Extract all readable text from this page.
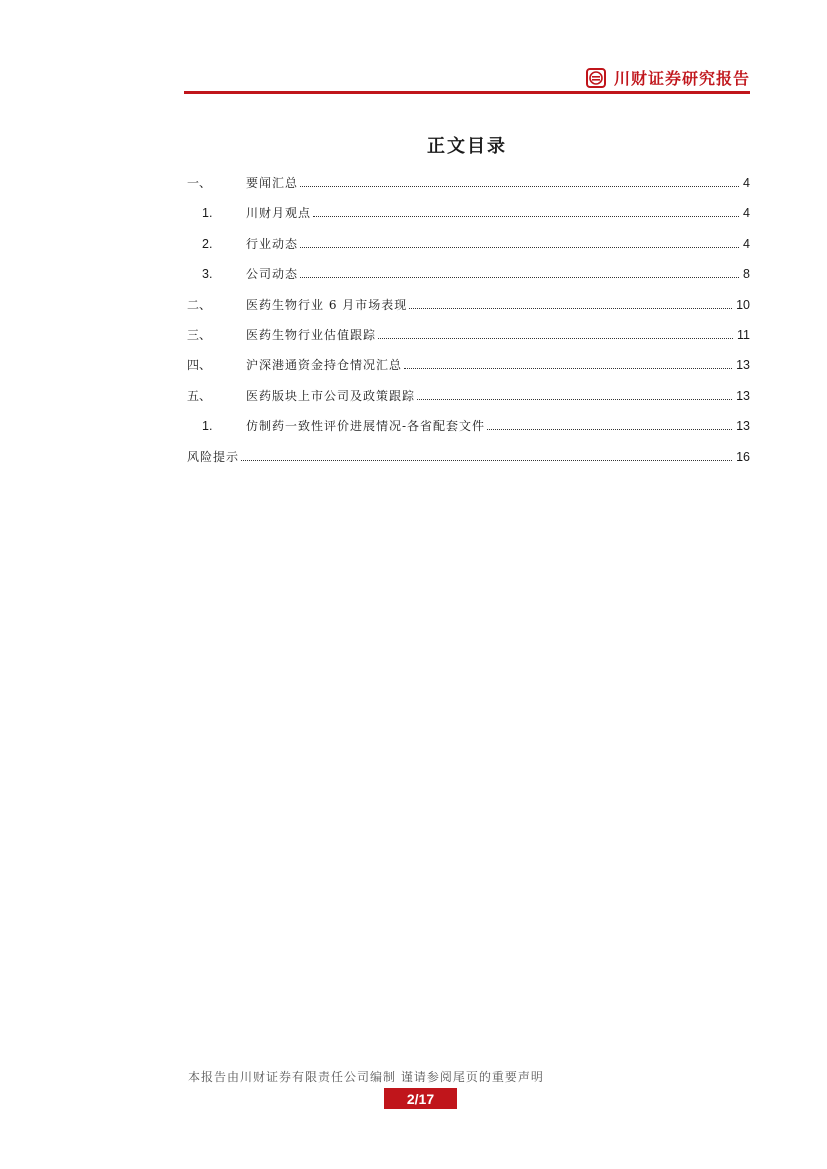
川财证券研究报告
正文目录
一、	要闻汇总	4
1.	川财月观点	4
2.	行业动态	4
3.	公司动态	8
二、	医药生物行业 6 月市场表现	10
三、	医药生物行业估值跟踪	11
四、	沪深港通资金持仓情况汇总	13
五、	医药版块上市公司及政策跟踪	13
1.	仿制药一致性评价进展情况-各省配套文件	13
风险提示	16
本报告由川财证券有限责任公司编制 谨请参阅尾页的重要声明
2/17
